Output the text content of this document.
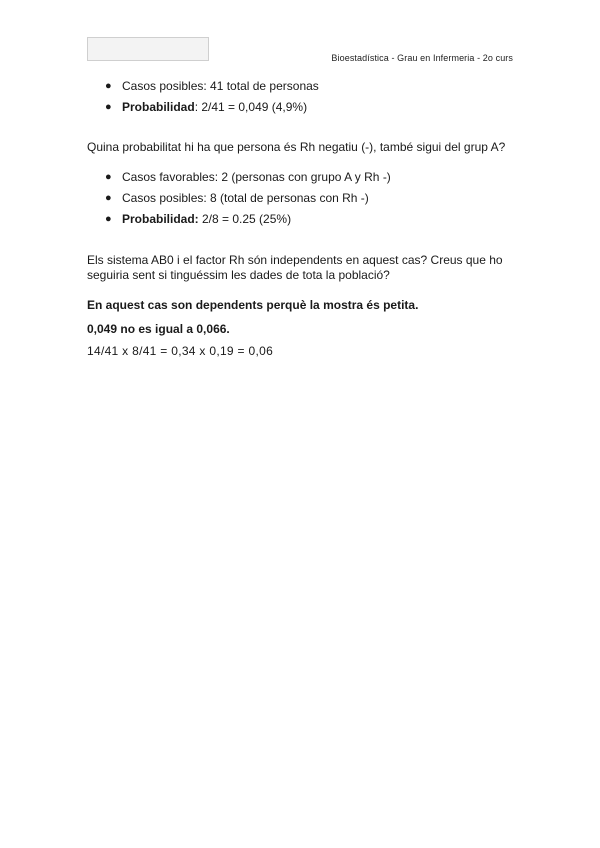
Bioestadística - Grau en Infermeria - 2o curs
● Casos posibles: 41 total de personas
● Probabilidad: 2/41 = 0,049 (4,9%)

Quina probabilitat hi ha que persona és Rh negatiu (-), també sigui del grup A?

● Casos favorables: 2 (personas con grupo A y Rh -)
● Casos posibles: 8 (total de personas con Rh -)
● Probabilidad: 2/8 = 0.25 (25%)

Els sistema AB0 i el factor Rh són independents en aquest cas? Creus que ho seguiria sent si tinguéssim les dades de tota la població?

En aquest cas son dependents perquè la mostra és petita.

0,049 no es igual a 0,066.

14/41 x 8/41 = 0,34 x 0,19 = 0,06
